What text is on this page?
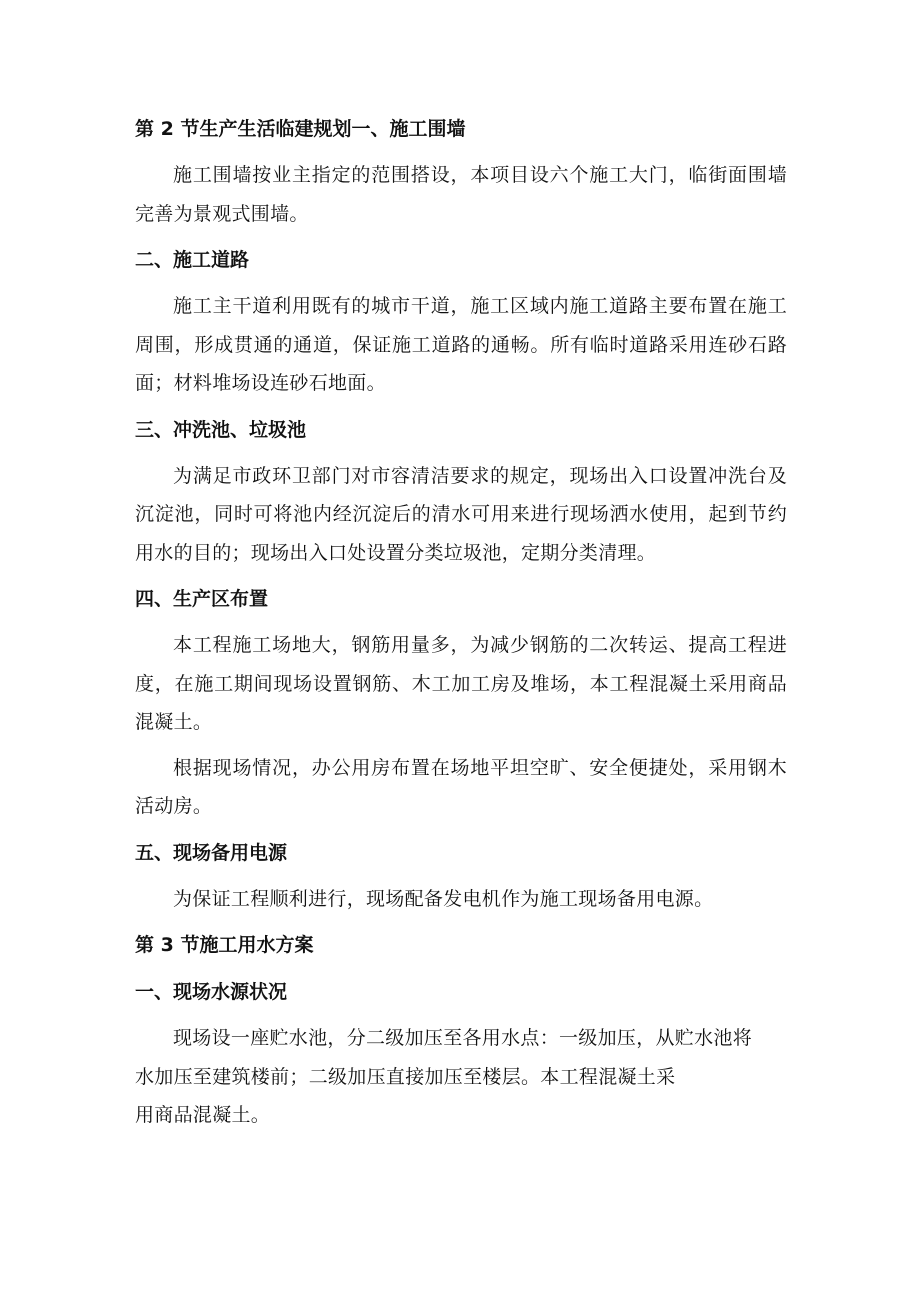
第 2 节生产生活临建规划一、施工围墙

施工围墙按业主指定的范围搭设，本项目设六个施工大门，临街面围墙完善为景观式围墙。

二、施工道路

施工主干道利用既有的城市干道，施工区域内施工道路主要布置在施工周围，形成贯通的通道，保证施工道路的通畅。所有临时道路采用连砂石路面；材料堆场设连砂石地面。

三、冲洗池、垃圾池

为满足市政环卫部门对市容清洁要求的规定，现场出入口设置冲洗台及沉淀池，同时可将池内经沉淀后的清水可用来进行现场洒水使用，起到节约用水的目的；现场出入口处设置分类垃圾池，定期分类清理。

四、生产区布置

本工程施工场地大，钢筋用量多，为减少钢筋的二次转运、提高工程进度，在施工期间现场设置钢筋、木工加工房及堆场，本工程混凝土采用商品混凝土。

根据现场情况，办公用房布置在场地平坦空旷、安全便捷处，采用钢木活动房。

五、现场备用电源

为保证工程顺利进行，现场配备发电机作为施工现场备用电源。

第 3 节施工用水方案

一、现场水源状况

现场设一座贮水池，分二级加压至各用水点：一级加压，从贮水池将
水加压至建筑楼前；二级加压直接加压至楼层。本工程混凝土采
用商品混凝土。
